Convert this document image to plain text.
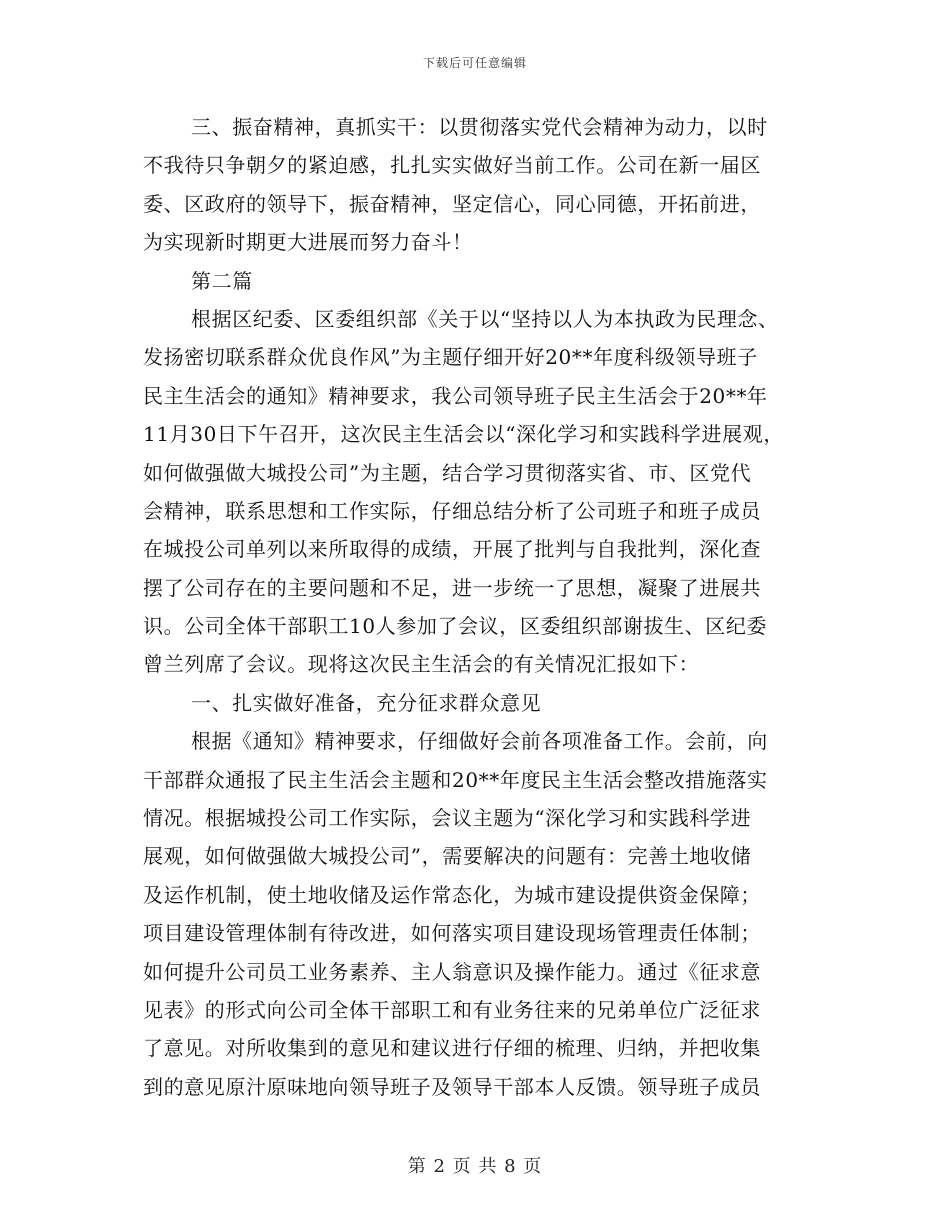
下载后可任意编辑
三、振奋精神，真抓实干：以贯彻落实党代会精神为动力，以时
不我待只争朝夕的紧迫感，扎扎实实做好当前工作。公司在新一届区
委、区政府的领导下，振奋精神，坚定信心，同心同德，开拓前进，
为实现新时期更大进展而努力奋斗！
第二篇
根据区纪委、区委组织部《关于以“坚持以人为本执政为民理念、
发扬密切联系群众优良作风”为主题仔细开好20**年度科级领导班子
民主生活会的通知》精神要求，我公司领导班子民主生活会于20**年
11月30日下午召开，这次民主生活会以“深化学习和实践科学进展观，
如何做强做大城投公司”为主题，结合学习贯彻落实省、市、区党代
会精神，联系思想和工作实际，仔细总结分析了公司班子和班子成员
在城投公司单列以来所取得的成绩，开展了批判与自我批判，深化查
摆了公司存在的主要问题和不足，进一步统一了思想，凝聚了进展共
识。公司全体干部职工10人参加了会议，区委组织部谢拔生、区纪委
曾兰列席了会议。现将这次民主生活会的有关情况汇报如下：
一、扎实做好准备，充分征求群众意见
根据《通知》精神要求，仔细做好会前各项准备工作。会前，向
干部群众通报了民主生活会主题和20**年度民主生活会整改措施落实
情况。根据城投公司工作实际，会议主题为“深化学习和实践科学进
展观，如何做强做大城投公司”，需要解决的问题有：完善土地收储
及运作机制，使土地收储及运作常态化，为城市建设提供资金保障；
项目建设管理体制有待改进，如何落实项目建设现场管理责任体制；
如何提升公司员工业务素养、主人翁意识及操作能力。通过《征求意
见表》的形式向公司全体干部职工和有业务往来的兄弟单位广泛征求
了意见。对所收集到的意见和建议进行仔细的梳理、归纳，并把收集
到的意见原汁原味地向领导班子及领导干部本人反馈。领导班子成员
第 2 页 共 8 页
